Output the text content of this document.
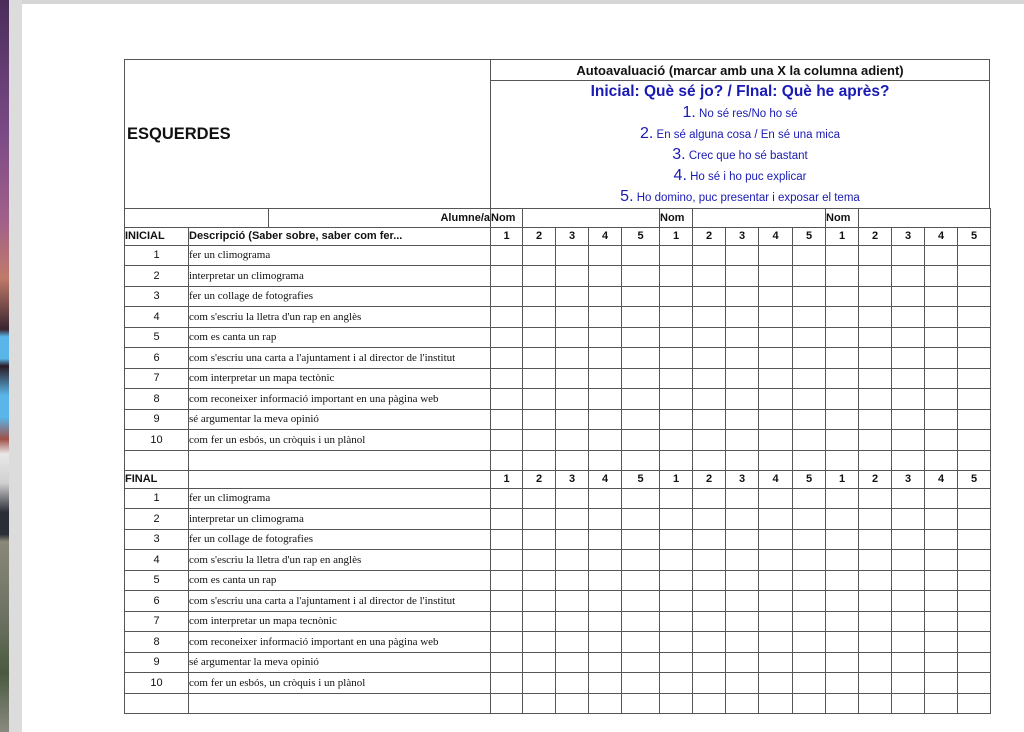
ESQUERDES
Autoavaluació (marcar amb una X la columna adient)
Inicial: Què sé jo? / FInal: Què he après?
1. No sé res/No ho sé
2. En sé alguna cosa / En sé una mica
3. Crec que ho sé bastant
4. Ho sé i ho puc explicar
5. Ho domino, puc presentar i exposar el tema
		Alumne/a	Nom					Nom					Nom				
INICIAL	Descripció (Saber sobre, saber com fer...		1	2	3	4	5	1	2	3	4	5	1	2	3	4	5
1	fer un climograma																
2	interpretar un climograma																
3	fer un collage de fotografies																
4	com s'escriu la lletra d'un rap en anglès																
5	com es canta un rap																
6	com s'escriu una carta a l'ajuntament i al director de l'institut																
7	com interpretar un mapa tectònic																
8	com reconeixer informació important en una pàgina web																
9	sé argumentar la meva opinió																
10	com fer un esbós, un cròquis i un plànol																

FINAL			1	2	3	4	5	1	2	3	4	5	1	2	3	4	5
1	fer un climograma																
2	interpretar un climograma																
3	fer un collage de fotografies																
4	com s'escriu la lletra d'un rap en anglès																
5	com es canta un rap																
6	com s'escriu una carta a l'ajuntament i al director de l'institut																
7	com interpretar un mapa tecnònic																
8	com reconeixer informació important en una pàgina web																
9	sé argumentar la meva opinió																
10	com fer un esbós, un cròquis i un plànol																
